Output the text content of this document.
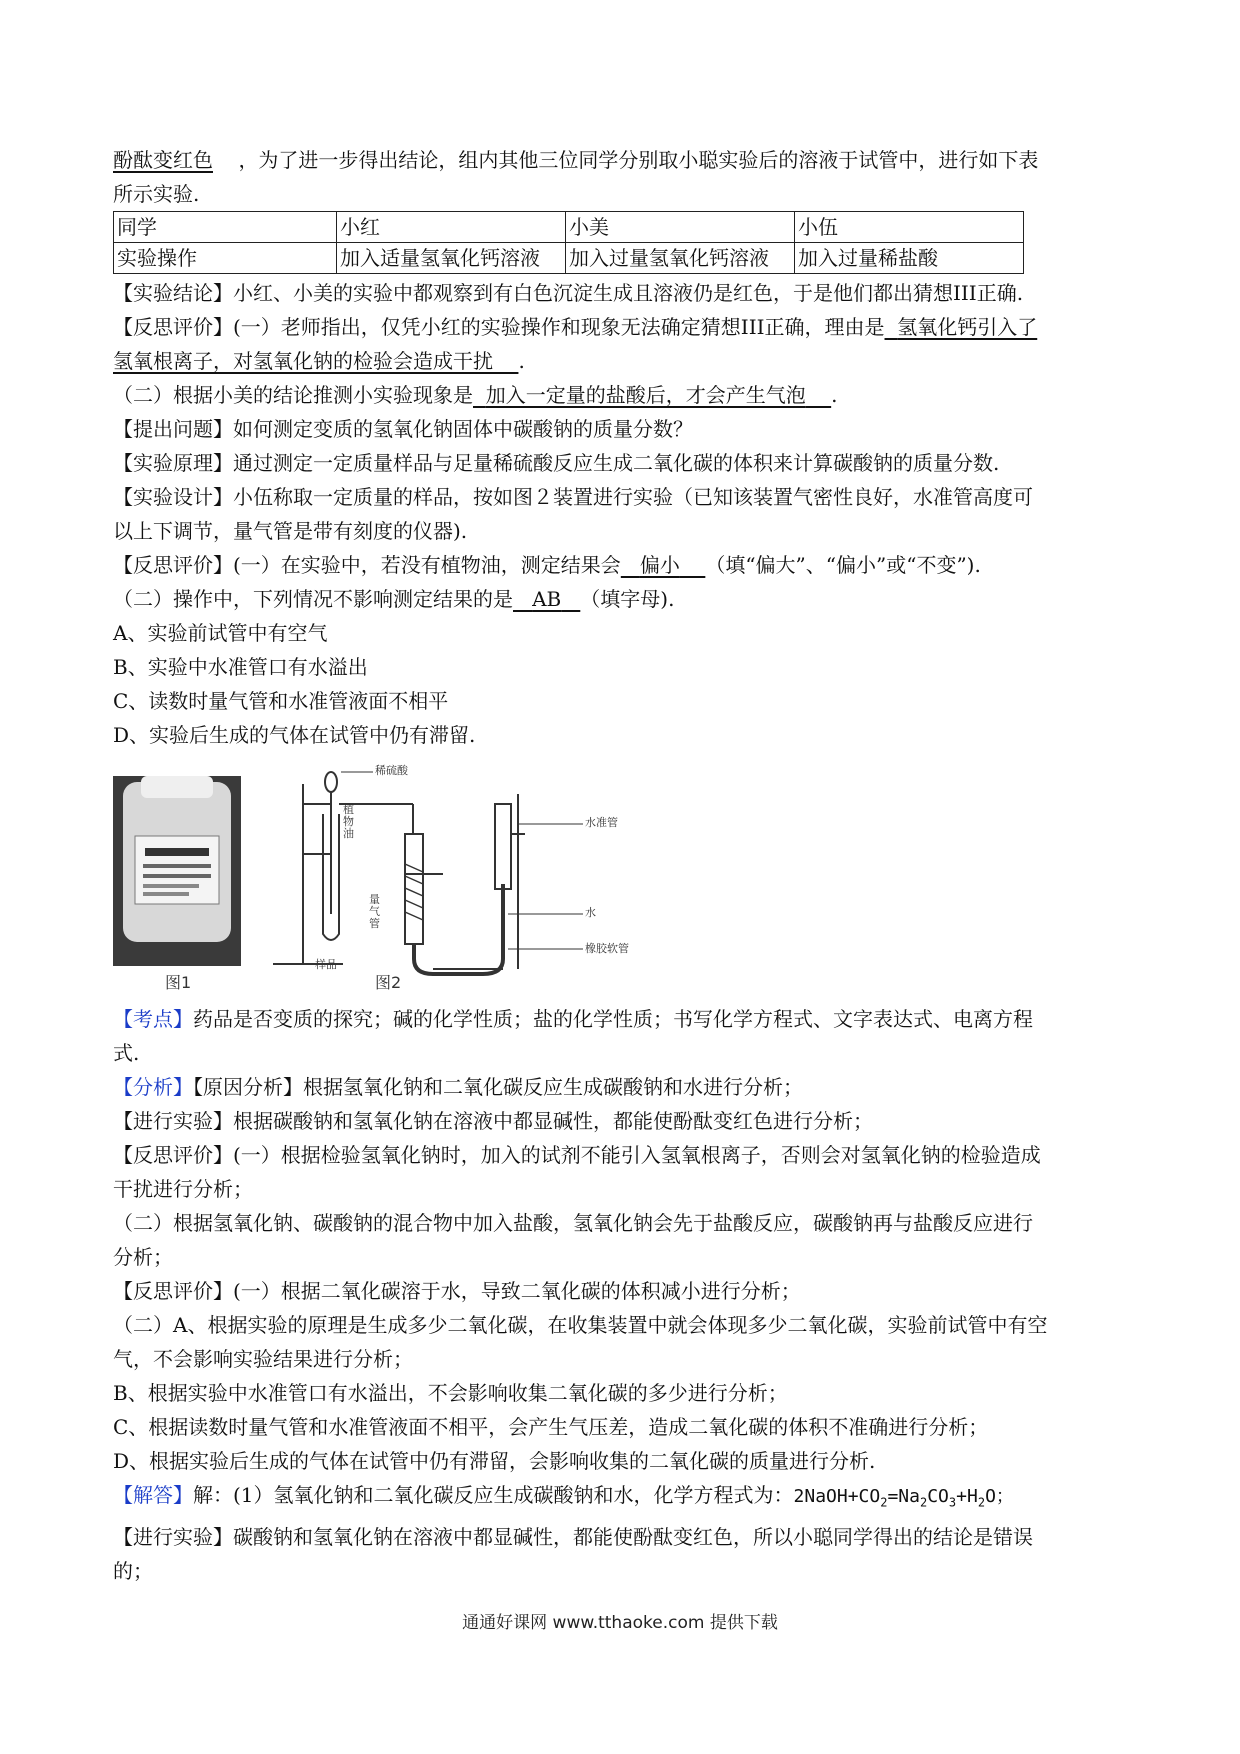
酚酞变红色 ，为了进一步得出结论，组内其他三位同学分别取小聪实验后的溶液于试管中，进行如下表
所示实验.
同学	小红	小美	小伍
实验操作	加入适量氢氧化钙溶液	加入过量氢氧化钙溶液	加入过量稀盐酸
【实验结论】小红、小美的实验中都观察到有白色沉淀生成且溶液仍是红色，于是他们都出猜想III正确.
【反思评价】(一）老师指出，仅凭小红的实验操作和现象无法确定猜想III正确，理由是 氢氧化钙引入了
氢氧根离子，对氢氧化钠的检验会造成干扰 .
（二）根据小美的结论推测小实验现象是 加入一定量的盐酸后，才会产生气泡 .
【提出问题】如何测定变质的氢氧化钠固体中碳酸钠的质量分数？
【实验原理】通过测定一定质量样品与足量稀硫酸反应生成二氧化碳的体积来计算碳酸钠的质量分数.
【实验设计】小伍称取一定质量的样品，按如图２装置进行实验（已知该装置气密性良好，水准管高度可
以上下调节，量气管是带有刻度的仪器).
【反思评价】(一）在实验中，若没有植物油，测定结果会 偏小 （填“偏大”、“偏小”或“不变”).
（二）操作中，下列情况不影响测定结果的是 AB （填字母).
A、实验前试管中有空气
B、实验中水准管口有水溢出
C、读数时量气管和水准管液面不相平
D、实验后生成的气体在试管中仍有滞留.
图1
稀硫酸
植物油
量气管
水准管
水
橡胶软管
样品
图2
【考点】药品是否变质的探究；碱的化学性质；盐的化学性质；书写化学方程式、文字表达式、电离方程
式.
【分析】【原因分析】根据氢氧化钠和二氧化碳反应生成碳酸钠和水进行分析；
【进行实验】根据碳酸钠和氢氧化钠在溶液中都显碱性，都能使酚酞变红色进行分析；
【反思评价】(一）根据检验氢氧化钠时，加入的试剂不能引入氢氧根离子，否则会对氢氧化钠的检验造成
干扰进行分析；
（二）根据氢氧化钠、碳酸钠的混合物中加入盐酸，氢氧化钠会先于盐酸反应，碳酸钠再与盐酸反应进行
分析；
【反思评价】(一）根据二氧化碳溶于水，导致二氧化碳的体积减小进行分析；
（二）A、根据实验的原理是生成多少二氧化碳，在收集装置中就会体现多少二氧化碳，实验前试管中有空
气，不会影响实验结果进行分析；
B、根据实验中水准管口有水溢出，不会影响收集二氧化碳的多少进行分析；
C、根据读数时量气管和水准管液面不相平，会产生气压差，造成二氧化碳的体积不准确进行分析；
D、根据实验后生成的气体在试管中仍有滞留，会影响收集的二氧化碳的质量进行分析.
【解答】解：(1）氢氧化钠和二氧化碳反应生成碳酸钠和水，化学方程式为：$2NaOH+CO_2=Na_2CO_3+H_2O$；
【进行实验】碳酸钠和氢氧化钠在溶液中都显碱性，都能使酚酞变红色，所以小聪同学得出的结论是错误
的；
通通好课网 www.tthaoke.com 提供下载
